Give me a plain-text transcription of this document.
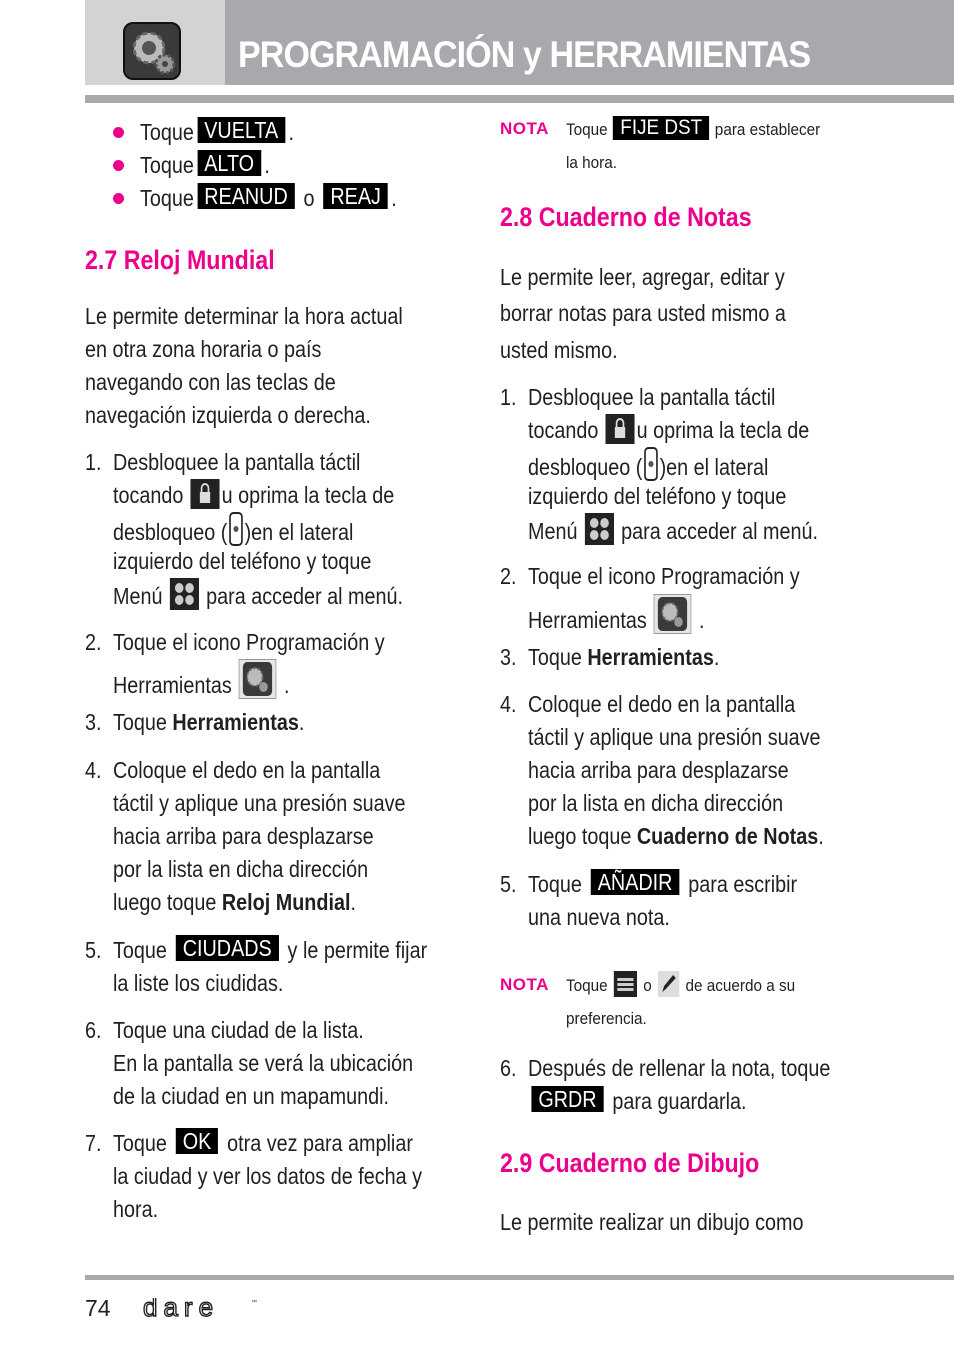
PROGRAMACIÓN y HERRAMIENTAS
Toque VUELTA .
Toque ALTO .
Toque REANUD o REAJ .
2.7 Reloj Mundial
Le permite determinar la hora actual
en otra zona horaria o país
navegando con las teclas de
navegación izquierda o derecha.
1. Desbloquee la pantalla táctil
tocando u oprima la tecla de
desbloqueo ( )en el lateral
izquierdo del teléfono y toque
Menú para acceder al menú.
2. Toque el icono Programación y
Herramientas .
3. Toque Herramientas.
4. Coloque el dedo en la pantalla
táctil y aplique una presión suave
hacia arriba para desplazarse
por la lista en dicha dirección
luego toque Reloj Mundial.
5. Toque CIUDADS y le permite fijar
la liste los ciudidas.
6. Toque una ciudad de la lista.
En la pantalla se verá la ubicación
de la ciudad en un mapamundi.
7. Toque OK otra vez para ampliar
la ciudad y ver los datos de fecha y
hora.
NOTA Toque FIJE DST para establecer
la hora.
2.8 Cuaderno de Notas
Le permite leer, agregar, editar y
borrar notas para usted mismo a
usted mismo.
1. Desbloquee la pantalla táctil
tocando u oprima la tecla de
desbloqueo ( )en el lateral
izquierdo del teléfono y toque
Menú para acceder al menú.
2. Toque el icono Programación y
Herramientas .
3. Toque Herramientas.
4. Coloque el dedo en la pantalla
táctil y aplique una presión suave
hacia arriba para desplazarse
por la lista en dicha dirección
luego toque Cuaderno de Notas.
5. Toque AÑADIR para escribir
una nueva nota.
NOTA Toque o de acuerdo a su
preferencia.
6. Después de rellenar la nota, toque
GRDR para guardarla.
2.9 Cuaderno de Dibujo
Le permite realizar un dibujo como
74 dare	™
